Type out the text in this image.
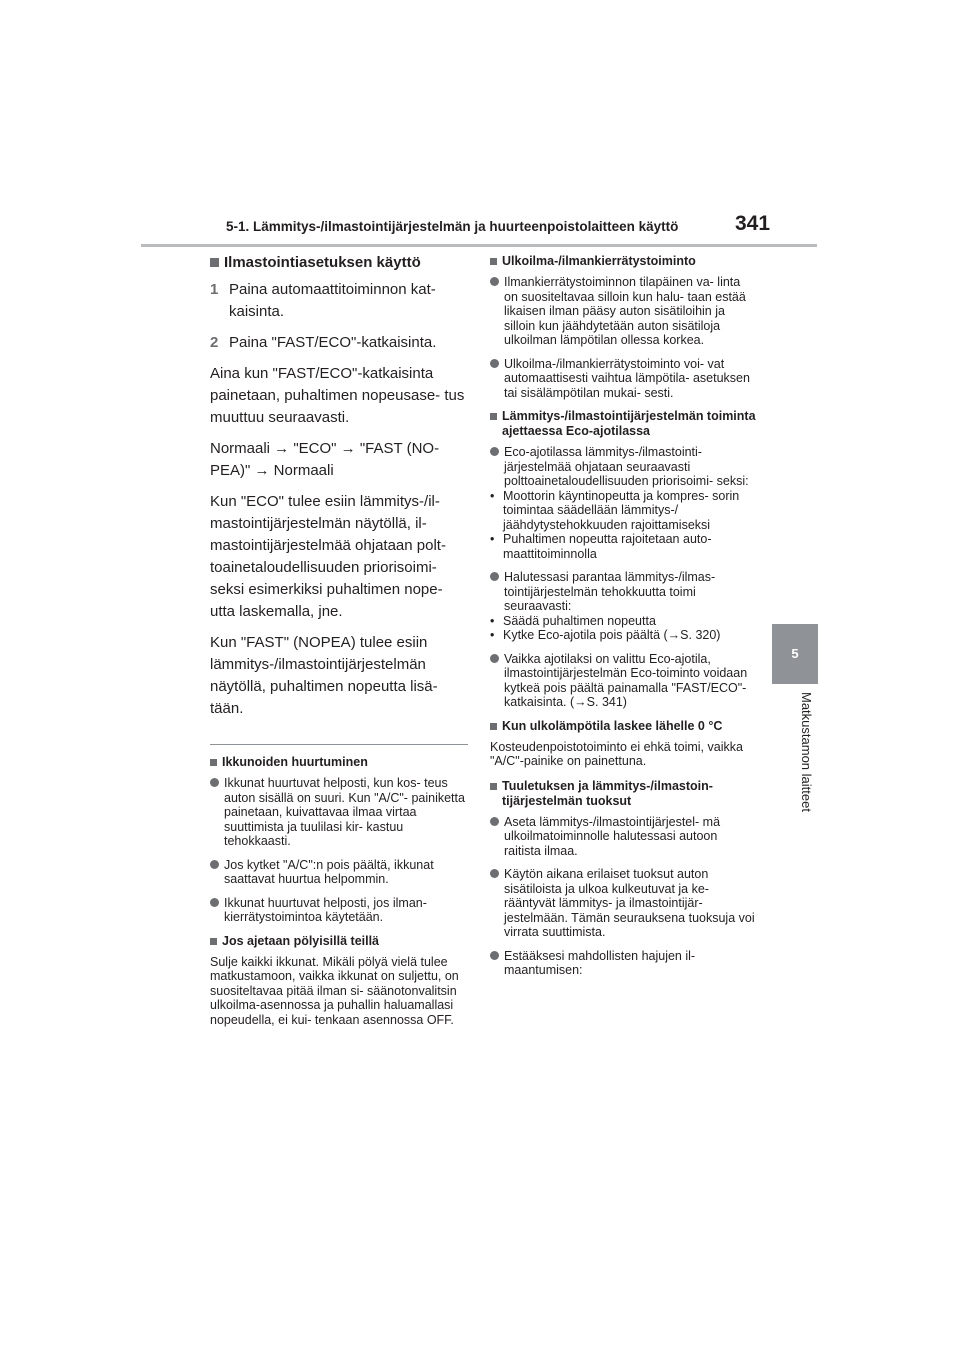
5-1. Lämmitys-/ilmastointijärjestelmän ja huurteenpoistolaitteen käyttö	341
5
Matkustamon laitteet
Ilmastointiasetuksen käyttö
1 Paina automaattitoiminnon kat- kaisinta.
2 Paina "FAST/ECO"-katkaisinta.

Aina kun "FAST/ECO"-katkaisinta painetaan, puhaltimen nopeusase- tus muuttuu seuraavasti.

Normaali → "ECO" → "FAST (NO- PEA)" → Normaali

Kun "ECO" tulee esiin lämmitys-/il- mastointijärjestelmän näytöllä, il- mastointijärjestelmää ohjataan polt- toainetaloudellisuuden priorisoimi- seksi esimerkiksi puhaltimen nope- utta laskemalla, jne.

Kun "FAST" (NOPEA) tulee esiin lämmitys-/ilmastointijärjestelmän näytöllä, puhaltimen nopeutta lisä- tään.

Ikkunoiden huurtuminen
Ikkunat huurtuvat helposti, kun kos- teus auton sisällä on suuri. Kun "A/C"- painiketta painetaan, kuivattavaa ilmaa virtaa suuttimista ja tuulilasi kir- kastuu tehokkaasti.
Jos kytket "A/C":n pois päältä, ikkunat saattavat huurtua helpommin.
Ikkunat huurtuvat helposti, jos ilman- kierrätystoimintoa käytetään.
Jos ajetaan pölyisillä teillä

Sulje kaikki ikkunat. Mikäli pölyä vielä tulee matkustamoon, vaikka ikkunat on suljettu, on suositeltavaa pitää ilman si- säänotonvalitsin ulkoilma-asennossa ja puhallin haluamallasi nopeudella, ei kui- tenkaan asennossa OFF.

Ulkoilma-/ilmankierrätystoiminto
Ilmankierrätystoiminnon tilapäinen va- linta on suositeltavaa silloin kun halu- taan estää likaisen ilman pääsy auton sisätiloihin ja silloin kun jäähdytetään auton sisätiloja ulkoilman lämpötilan ollessa korkea.
Ulkoilma-/ilmankierrätystoiminto voi- vat automaattisesti vaihtua lämpötila- asetuksen tai sisälämpötilan mukai- sesti.
Lämmitys-/ilmastointijärjestelmän toiminta ajettaessa Eco-ajotilassa
Eco-ajotilassa lämmitys-/ilmastointi- järjestelmää ohjataan seuraavasti polttoainetaloudellisuuden priorisoimi- seksi:
• Moottorin käyntinopeutta ja kompres- sorin toimintaa säädellään lämmitys-/ jäähdytystehokkuuden rajoittamiseksi
• Puhaltimen nopeutta rajoitetaan auto- maattitoiminnolla
Halutessasi parantaa lämmitys-/ilmas- tointijärjestelmän tehokkuutta toimi seuraavasti:
• Säädä puhaltimen nopeutta
• Kytke Eco-ajotila pois päältä (→S. 320)
Vaikka ajotilaksi on valittu Eco-ajotila, ilmastointijärjestelmän Eco-toiminto voidaan kytkeä pois päältä painamalla "FAST/ECO"-katkaisinta. (→S. 341)
Kun ulkolämpötila laskee lähelle 0 °C

Kosteudenpoistotoiminto ei ehkä toimi, vaikka "A/C"-painike on painettuna.

Tuuletuksen ja lämmitys-/ilmastoin- tijärjestelmän tuoksut
Aseta lämmitys-/ilmastointijärjestel- mä ulkoilmatoiminnolle halutessasi autoon raitista ilmaa.
Käytön aikana erilaiset tuoksut auton sisätiloista ja ulkoa kulkeutuvat ja ke- rääntyvät lämmitys- ja ilmastointijär- jestelmään. Tämän seurauksena tuoksuja voi virrata suuttimista.
Estääksesi mahdollisten hajujen il- maantumisen:
